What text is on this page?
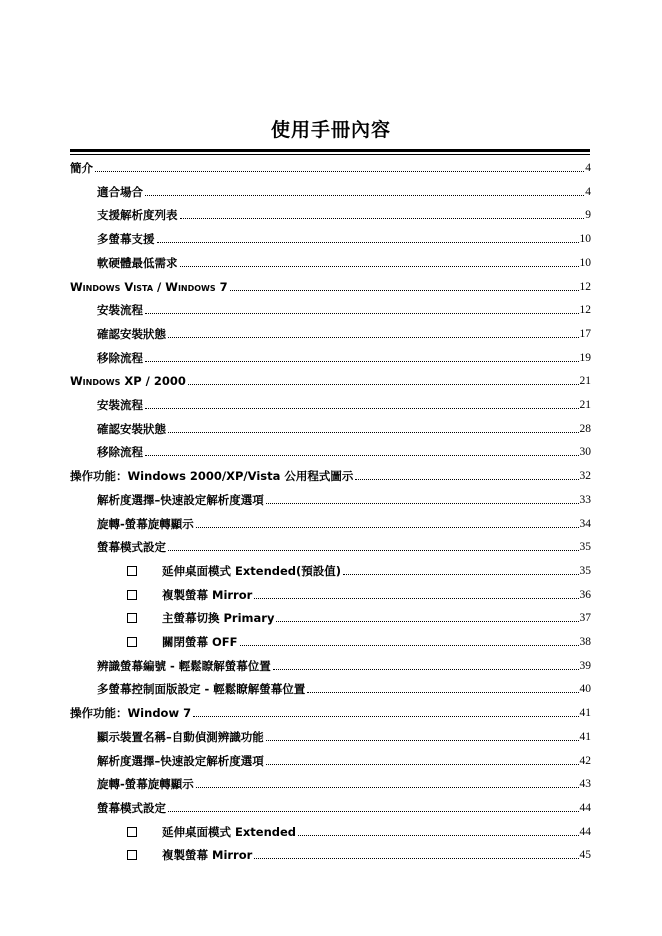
使用手冊內容
簡介	4
適合場合	4
支援解析度列表	9
多螢幕支援	10
軟硬體最低需求	10
Windows Vista / Windows 7	12
安裝流程	12
確認安裝狀態	17
移除流程	19
Windows XP / 2000	21
安裝流程	21
確認安裝狀態	28
移除流程	30
操作功能：Windows 2000/XP/Vista 公用程式圖示	32
解析度選擇–快速設定解析度選項	33
旋轉-螢幕旋轉顯示	34
螢幕模式設定	35
延伸桌面模式 Extended(預設值)	35
複製螢幕 Mirror	36
主螢幕切換 Primary	37
關閉螢幕 OFF	38
辨識螢幕編號 - 輕鬆瞭解螢幕位置	39
多螢幕控制面版設定 - 輕鬆瞭解螢幕位置	40
操作功能：Window 7	41
顯示裝置名稱–自動偵測辨識功能	41
解析度選擇–快速設定解析度選項	42
旋轉-螢幕旋轉顯示	43
螢幕模式設定	44
延伸桌面模式 Extended	44
複製螢幕 Mirror	45
